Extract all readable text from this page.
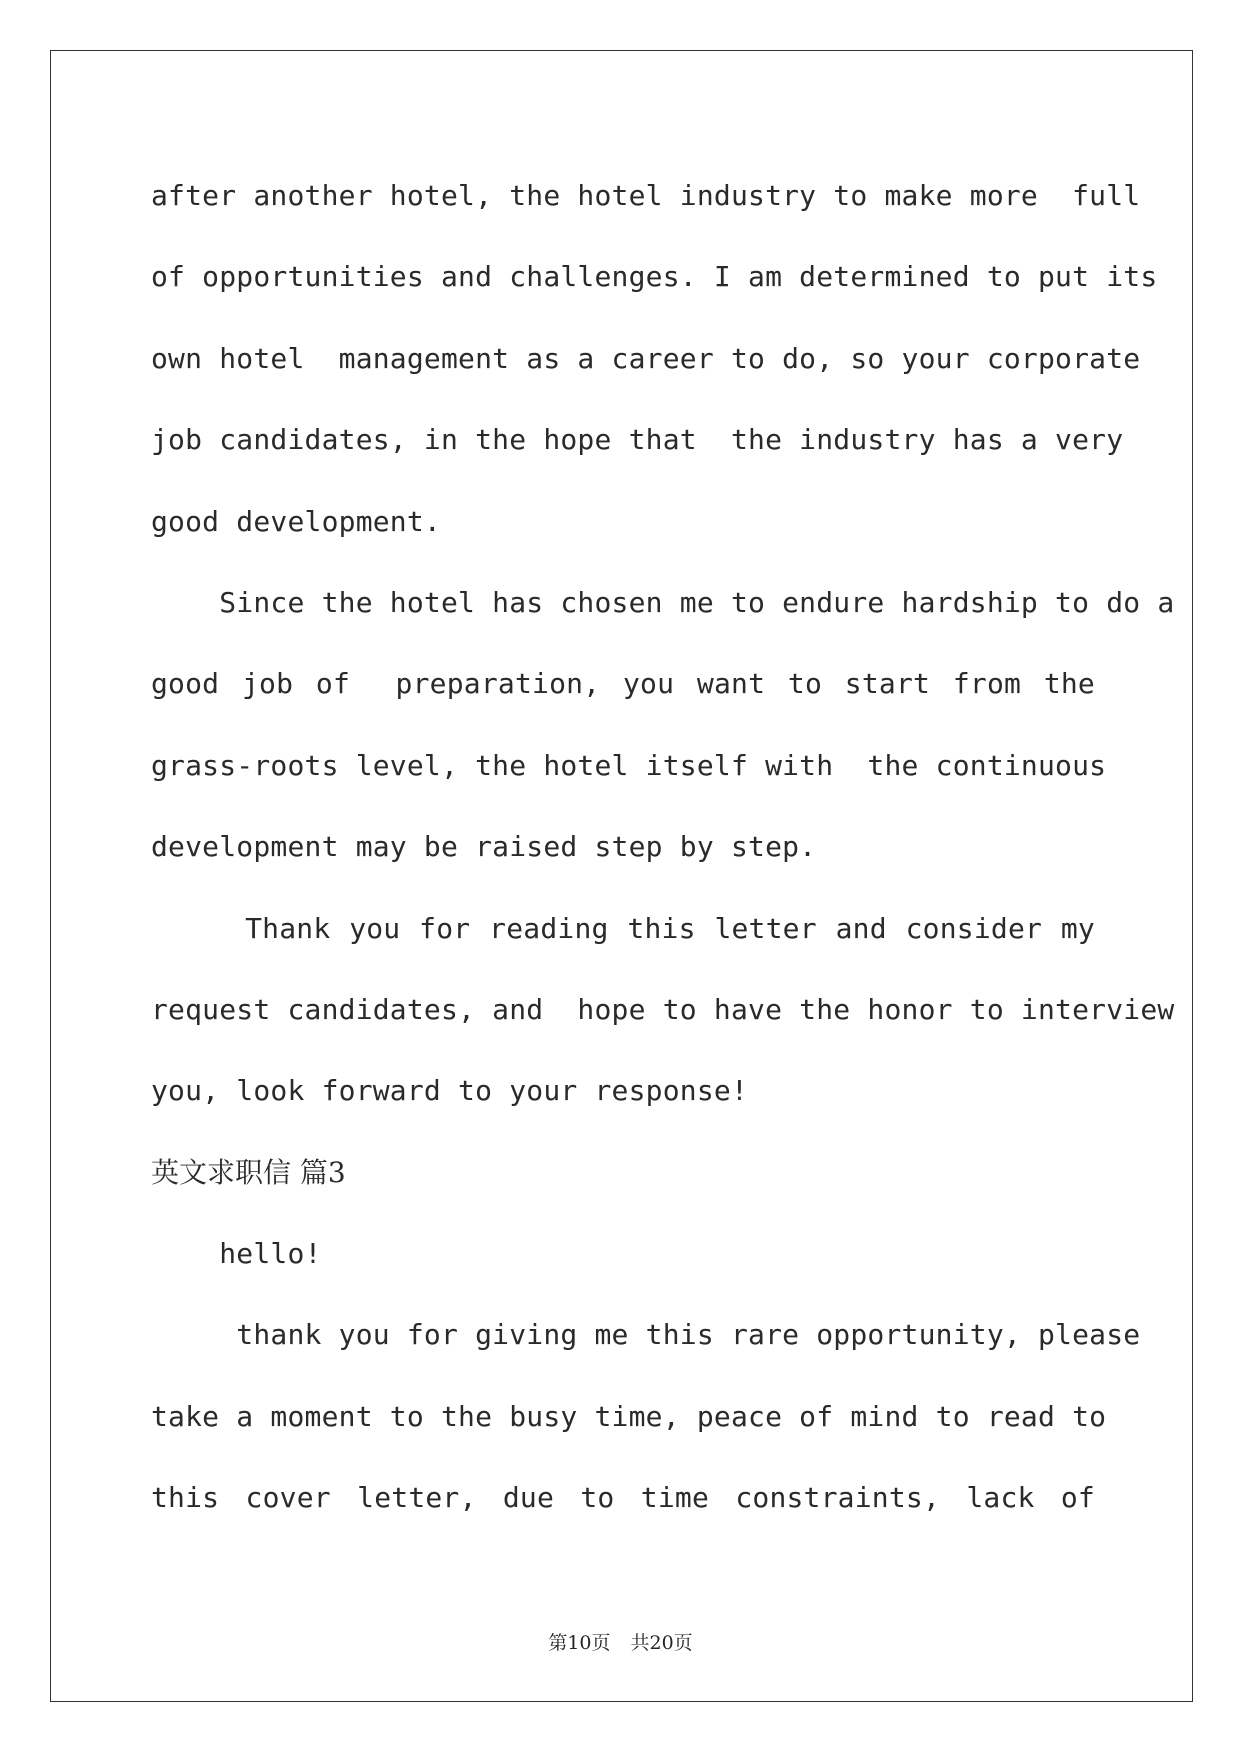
after another hotel, the hotel industry to make more  full
of opportunities and challenges. I am determined to put its
own hotel  management as a career to do, so your corporate
job candidates, in the hope that  the industry has a very
good development.
Since the hotel has chosen me to endure hardship to do a
good job of  preparation, you want to start from the
grass-roots level, the hotel itself with  the continuous
development may be raised step by step.
Thank you for reading this letter and consider my
request candidates, and  hope to have the honor to interview
you, look forward to your response!
英文求职信 篇3
hello!
thank you for giving me this rare opportunity, please
take a moment to the busy time, peace of mind to read to
this cover letter, due to time constraints, lack of
第10页 共20页
